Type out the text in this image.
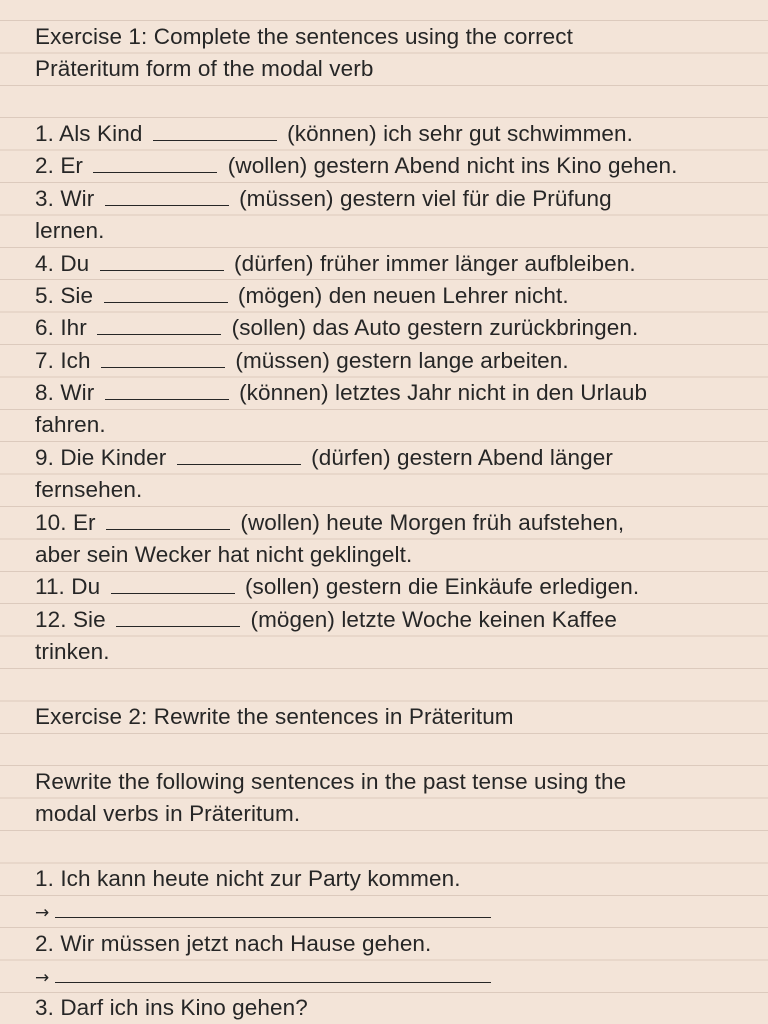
Exercise 1: Complete the sentences using the correct
Präteritum form of the modal verb
1. Als Kind	(können) ich sehr gut schwimmen.
2. Er	(wollen) gestern Abend nicht ins Kino gehen.
3. Wir	(müssen) gestern viel für die Prüfung
lernen.
4. Du	(dürfen) früher immer länger aufbleiben.
5. Sie	(mögen) den neuen Lehrer nicht.
6. Ihr	(sollen) das Auto gestern zurückbringen.
7. Ich	(müssen) gestern lange arbeiten.
8. Wir	(können) letztes Jahr nicht in den Urlaub
fahren.
9. Die Kinder	(dürfen) gestern Abend länger
fernsehen.
10. Er	(wollen) heute Morgen früh aufstehen,
aber sein Wecker hat nicht geklingelt.
11. Du	(sollen) gestern die Einkäufe erledigen.
12. Sie	(mögen) letzte Woche keinen Kaffee
trinken.
Exercise 2: Rewrite the sentences in Präteritum
Rewrite the following sentences in the past tense using the
modal verbs in Präteritum.
1. Ich kann heute nicht zur Party kommen.
→
2. Wir müssen jetzt nach Hause gehen.
→
3. Darf ich ins Kino gehen?
